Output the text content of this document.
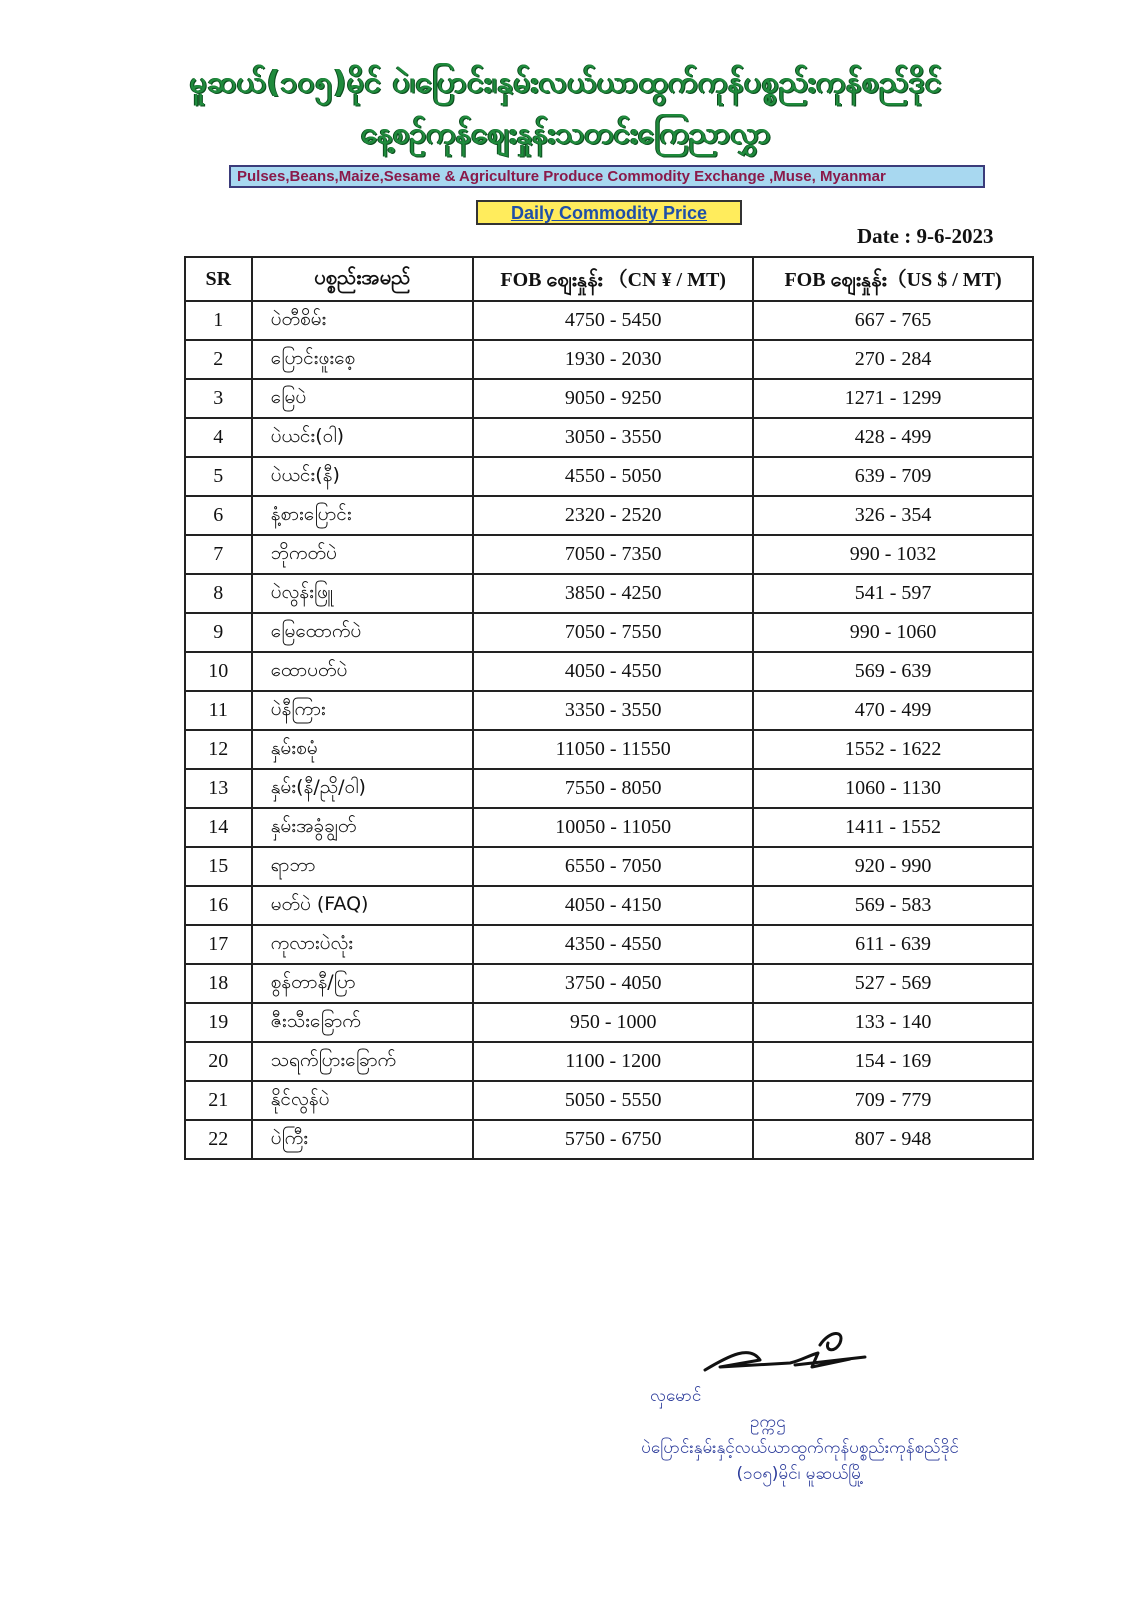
မူဆယ်(၁၀၅)မိုင် ပဲ၊ပြောင်း၊နှမ်းလယ်ယာထွက်ကုန်ပစ္စည်းကုန်စည်ဒိုင်
နေ့စဉ်ကုန်စျေးနှုန်းသတင်းကြေညာလွှာ
Pulses,Beans,Maize,Sesame & Agriculture Produce Commodity Exchange ,Muse, Myanmar
Daily Commodity Price
Date : 9-6-2023
SR	ပစ္စည်းအမည်	FOB စျေးနှုန်း （CN ¥ / MT)	FOB စျေးနှုန်း（US $ / MT)
1	ပဲတီစိမ်း	4750 - 5450	667 - 765
2	ပြောင်းဖူးစေ့	1930 - 2030	270 - 284
3	မြေပဲ	9050 - 9250	1271 - 1299
4	ပဲယင်း(ဝါ)	3050 - 3550	428 - 499
5	ပဲယင်း(နီ)	4550 - 5050	639 - 709
6	နံ့စားပြောင်း	2320 - 2520	326 - 354
7	ဘိုကတ်ပဲ	7050 - 7350	990 - 1032
8	ပဲလွန်းဖြူ	3850 - 4250	541 - 597
9	မြေထောက်ပဲ	7050 - 7550	990 - 1060
10	ထောပတ်ပဲ	4050 - 4550	569 - 639
11	ပဲနီကြား	3350 - 3550	470 - 499
12	နှမ်းစမုံ	11050 - 11550	1552 - 1622
13	နှမ်း(နီ/ညို/ဝါ)	7550 - 8050	1060 - 1130
14	နှမ်းအခွံချွတ်	10050 - 11050	1411 - 1552
15	ရာဘာ	6550 - 7050	920 - 990
16	မတ်ပဲ (FAQ)	4050 - 4150	569 - 583
17	ကုလားပဲလုံး	4350 - 4550	611 - 639
18	စွန်တာနီ/ပြာ	3750 - 4050	527 - 569
19	ဇီးသီးခြောက်	950 - 1000	133 - 140
20	သရက်ပြားခြောက်	1100 - 1200	154 - 169
21	နိုင်လွန်ပဲ	5050 - 5550	709 - 779
22	ပဲကြီး	5750 - 6750	807 - 948
လှမောင်
ဥက္ကဌ
ပဲပြောင်းနှမ်းနှင့်လယ်ယာထွက်ကုန်ပစ္စည်းကုန်စည်ဒိုင်
(၁၀၅)မိုင်၊ မူဆယ်မြို့
